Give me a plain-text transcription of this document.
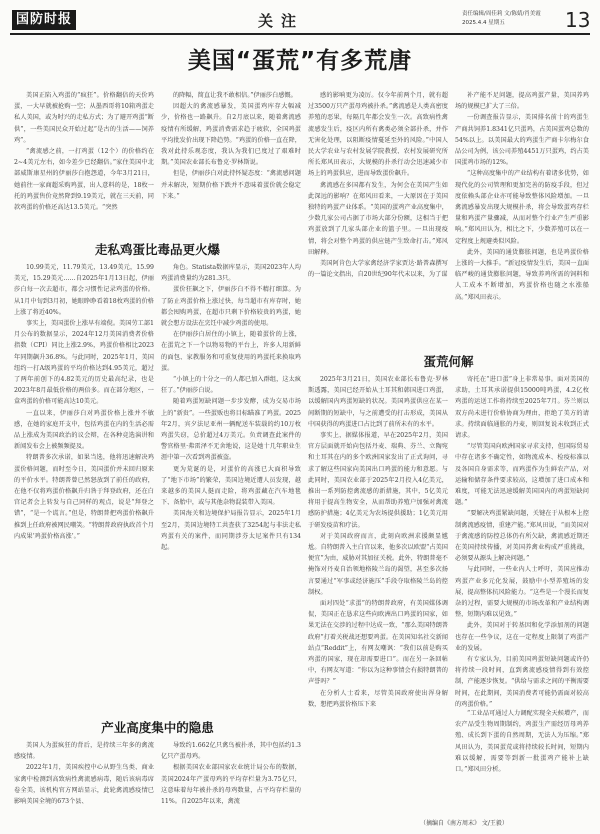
国防时报	关注	责任编辑/周佳莉 文/陈婧/肖美霞
2025.4.4 星期五	13
美国“蛋荒”有多荒唐

美国正陷入鸡蛋的“疯狂”。价格翻倍的天价鸡蛋，一大早就被抢购一空；从墨西哥将10箱鸡蛋走私人美国，或为时兴的走私方式；为了避开鸡蛋“断供”，一些美国民众开始过起“是古的生活——饲养鸡”。

“禽流感之前，一打鸡蛋（12个）的价格约在2~4美元左右，如今差少已经翻倍。”家住美国中北部威斯康星州的伊丽莎白抱怨道，今年3月21日，她前往一家商超采购鸡蛋，出人意料的是，18枚一托的鸡蛋售价竟然降到9.19美元，就在三天前，同款鸡蛋的价格还高达13.5美元。“突然

的降幅，简直让我不敢相信。”伊丽莎白感慨。

因超大的禽流感暴发，美国蛋鸡库存大幅减少，价格也一路飙升。自2月底以来，随着禽流感疫情有所缓解，鸡蛋消费需求趋于疲软，全国鸡蛋平均批发价出现下降趋势。“鸡蛋的价格一直在降，我对此持乐观态度，我认为我们已度过了艰难时期。”美国农业部长布鲁克·罗林斯说。

但是，伊丽莎白对此持怀疑态度：“禽流感问题并未解决，短期价格下跌并不意味着蛋价就会稳定下来。”

感的影响更为凌厉。仅今年前两个月，就有超过3500万只产蛋母鸡被扑杀。”禽流感是人类高密度养殖的恶果，每隔几年都会发生一次。高致病性禽流感发生后，疫区内所有禽类必须全部扑杀，并作无害化处理，以阻断疫情蔓延至外的风险。”中国人民大学农业与农村发展学院教授、农村发展研究所所长郑风田表示，大规模的扑杀行动会迅速减少市场上的鸡蛋供应，进而导致蛋价飙升。

禽流感在多国都有发生，为何会在美国产生如此深远的影响？在郑风田看来，一大原因在于美国独特的鸡蛋产业体系。“美国的蛋鸡产业高度集中，少数几家公司占据了市场大部分份额，这相当于把鸡蛋放到了几家头部企业的篮子里。一旦出现疫情，将会对整个鸡蛋的供应链产生致命打击。”郑风田解释。

美国阿肯色大学家禽经济学家贾达·路普森撰写的一篇论文指出，自20世纪90年代末以来，为了谋

补产能不足问题，提高鸡蛋产量，美国养鸡场的规模已扩大了三倍。

一份调查报告显示，美国排名前十的鸡蛋生产商共饲养1.8341亿只蛋鸡，占美国蛋鸡总数的54%以上。以美国最大的鸡蛋生产商卡尔梅尔食品公司为例，该公司养殖4451万只蛋鸡，约占美国蛋鸡市场的12%。

“这种高度集中的产业结构有着诸多优势，如现代化的公司管理和更加完善的防疫手段，但过度依赖头部企业亦可能导致整体风险增加。一旦禽流感暴发出现大规模扑杀，将会导致蛋鸡存栏量和鸡蛋产量骤减，从而对整个行业产生严重影响。”郑风田认为，相比之下，少数养殖可以在一定程度上规避类似风险。

此外，美国的通货膨胀问题，也是鸡蛋价格上涨的一大推手。“新冠疫情发生后，美国一直面临严峻的通货膨胀问题，导致养鸡所需的饲料和人工成本不断增加，鸡蛋价格也随之水涨船高。”郑风田表示。

走私鸡蛋比毒品更火爆

10.99美元，11.79美元，13.49美元，15.99美元，15.29美元……自2025年1月13日起，伊丽莎白每一次去超市，都会习惯性记录鸡蛋的价格。从1月中旬到3月初，她眼睁睁看着18枚鸡蛋的价格上涨了将近40%。

事实上，美国蛋价上涨早有端倪。美国劳工部1月公布的数据显示，2024年12月美国消费者价格指数（CPI）同比上涨2.9%，鸡蛋价格相比2023年同期飙升36.8%。与此同时，2025年1月，美国纽约一打A级鸡蛋的平均价格达到4.95美元，超过了两年前创下的4.82美元的历史最高纪录，也是2023年8月最低价格的两倍多。而在部分地区，一盒鸡蛋的价格可能高达10美元。

一直以来，伊丽莎白对鸡蛋价格上涨并不敏感，在她的家庭开支中，包括鸡蛋在内的生活必需品上涨成为美国政治的议会辩，在各种竞选演讲和新闻发布会上被频频提及。

特朗普多次承诺，如果当选，他将迅速解决鸡蛋价格问题，而时至今日，美国蛋价并未回归原来的平价水平。特朗普曾已然怒放到了前任的政府，在他不仅将鸡蛋价格飙升归咎于拜登政府，还在白宫记者会上转发与自己同样的观点，说是“拜登之错”，“是一个谎言。”但是，特朗普把鸡蛋价格飙升推到上任政府被网民嘲笑。“特朗普政府执政首个月内成果‘鸡蛋价格高涨’。”

角色。Statista数据库显示，美国2023年人均鸡蛋消费量约为281.3只。

蛋价狂飙之下，伊丽莎白不得不精打细算。为了防止鸡蛋价格上涨过快，每当超市有库存时，她都会囤购鸡蛋，在超市只剩下价格较贵的鸡蛋，她就会想方设法在烹饪中减少鸡蛋的使用。

在伊丽莎白居住的小镇上，随着蛋价的上涨，在蛋荒之下一个以物易物的平台上，许多人用新鲜的面包、家教服务和可重复使用的鸡蛋托来换取鸡蛋。

“小镇上的十分之一的人都已加入群组，这太疯狂了。”伊丽莎白说。

随着鸡蛋短缺问题一步步发酵，成为交易市场上的“新贵”。一些蛋贩也将目标瞄准了鸡蛋。2025年2月，宾夕法尼亚州一辆配送车装载的约10万枚鸡蛋失窃，总价超过4万美元。负责调查此案件的警官格里·弗雷泽不无舍地说，这是她十几年职业生涯中第一次看到鸡蛋被盗。

更为荒诞的是，对蛋价的高涨已大面积导致了“地下市场”的繁荣，美国边境近遭人员发现，越来越多的美国人挺而走险，将鸡蛋藏在汽车地毯下、备胎中，或与其他杂物混装带入美国。

美国海关和边境保护局报告显示，2025年1月至2月，美国边境特工共查获了3254起与非法走私鸡蛋有关的案件，而同期涉芬太尼案件只有134起。

蛋荒何解

2025年3月21日，美国农业部长布鲁克·罗林斯透露，美国已经开始从土耳其和韩国进口鸡蛋，以缓解国内鸡蛋短缺的状况。美国鸡蛋供应在某一间断期的短缺中，与之前遭受的打击形成，美国从中国获得的鸡蛋进口占比到了前所未有的水平。

事实上，据媒体报道，早在2025年2月，美国官方层面就开始向包括丹麦、瑞典、芬兰、立陶宛和土耳其在内的多个欧洲国家发出了正式询问，寻求了解这些国家向美国出口鸡蛋的能力和意愿。与此同时，美国农业部于2025年2月投入4亿美元，推出一系列防控禽流感的新措施，其中，5亿美元将用于提高生物安全，从而帮助养殖户加强对禽流感防护措施；4亿美元为农场提供援助；1亿美元用于研发疫苗和疗法。

对于美国政府而言，此刻向欧洲求援颇显尴尬。自特朗普入主白宫以来，他多次以欧盟“占美国便宜”为由，威胁对其加征关税。此外，特朗普毫不掩饰对丹麦自治领地格陵兰岛的渴望，甚至多次扬言要通过“军事或经济施压”手段夺取格陵兰岛的控制权。

面对四处“求蛋”的特朗普政府，有美国媒体调侃，美国正在恳求这些向欧洲出口鸡蛋的国家，如果无法在交涉的过程中达成一致，“那么美国特朗普政府”打着关税战还想要鸡蛋。在美国知名社交新闻站点“Reddit”上，有网友嘲讽：“我们以前是购买鸡蛋的国家，现在却需要进口”。而在另一条回帖中，有网友写道：“你以为这种事情会有损特朗普的声誉吗？”

在分析人士看来，尽管美国政府使出浑身解数，想把鸡蛋价格压下来

寄托在“进口蛋”身上非常易事。面对美国的求助，土耳其承诺提供15000吨鸡蛋，4.2亿枚鸡蛋的运送工作将持续至2025年7月。芬兰则以双方尚未进行价格协商为理由，拒绝了美方的请求。持续面临通胀的丹麦，则回复说未收到正式请求。

“尽管美国向欧洲国家寻求支持，但国际贸易中存在诸多不确定性，如物流成本、检疫标准以及各国自身需求等，而鸡蛋作为生鲜农产品，对运输和储存条件要求较高，这增加了进口成本和难度，可能无法迅速缓解美国国内的鸡蛋短缺问题。”

“要解决鸡蛋紧缺问题，关键在于从根本上控制禽流感疫情，重建产能。”郑风田说，“而美国对于禽流感的防控总体仍有所欠缺，禽流感近期还在美国持续传播，对美国养禽业构成严重挑战，必须要从源头上解决问题。”

与此同时，一些业内人士呼吁，美国应推动鸡蛋产业多元化发展，鼓励中小型养殖场的发展，提高整体抗风险能力。“这些是一个漫长而复杂的过程，需要大规模的市场改革和产业结构调整，短期内难以见效。”

此外，美国对于转基因和化学添加剂的问题也存在一些争议，这在一定程度上限制了鸡蛋产业的发展。

有专家认为，目前美国鸡蛋短缺问题或许仍将持续一段时间，直到禽流感疫情得到有效控制，产能逐步恢复。“供给与需求之间的平衡需要时间，在此期间，美国消费者可能仍需面对较高的鸡蛋价格。”

产业高度集中的隐患

美国人为蛋疯狂的背后，是持续三年多的禽流感疫情。

2022年1月，美国疾控中心从野生鸟类、商业家禽中检测到高致病性禽流感病毒，随后该病毒席卷全美，该机构官方网站显示，此轮禽流感疫情已影响美国全境的673个县、

导致约1.662亿只禽鸟被扑杀，其中包括约1.3亿只产蛋母鸡。

根据美国农业部国家农业统计局公布的数据，美国2024年产蛋母鸡的平均存栏量为3.75亿只，这意味着每年被扑杀的母鸡数量，占平均存栏量的11%。自2025年以来，禽流

“工业品可通过人力调配实现全天候增产，而农产品受生物周期制约，鸡蛋生产需经历母鸡养殖、成长到下蛋的自然周期，无法人为压缩。”郑风田认为，美国蛋荒或将持续较长时间，短期内难以缓解，需要等到新一批蛋鸡产能补上缺口。”郑风田分析。

（摘编自《南方周末》 文/王毅）
